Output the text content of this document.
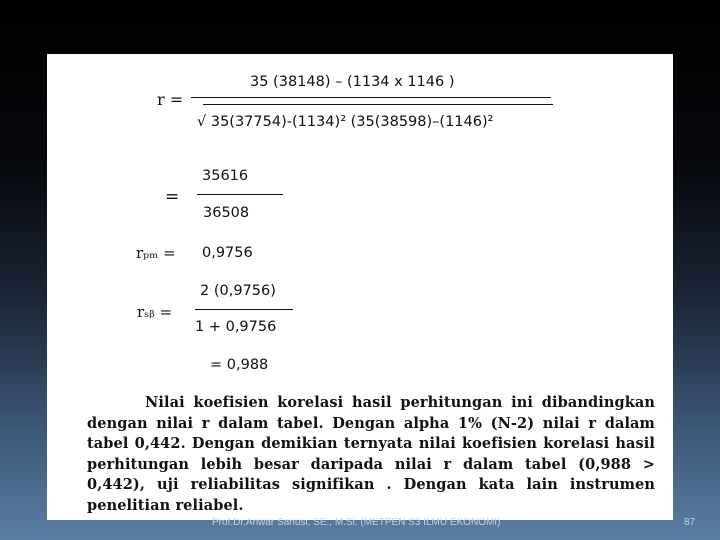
r =
35 (38148) – (1134 x 1146 )
√ 35(37754)-(1134)² (35(38598)–(1146)²
=
35616
36508
rₚₘ = 0,9756
2 (0,9756)
rₛᵦ =
1 + 0,9756
= 0,988
Nilai koefisien korelasi hasil perhitungan ini dibandingkan dengan nilai r dalam tabel. Dengan alpha 1% (N-2) nilai r dalam tabel 0,442. Dengan demikian ternyata nilai koefisien korelasi hasil perhitungan lebih besar daripada nilai r dalam tabel (0,988 > 0,442), uji reliabilitas signifikan . Dengan kata lain instrumen penelitian reliabel.
Prof.Dr.Anwar Sanusi, SE., M.Si. (METPEN S3 ILMU EKONOMI)	87
